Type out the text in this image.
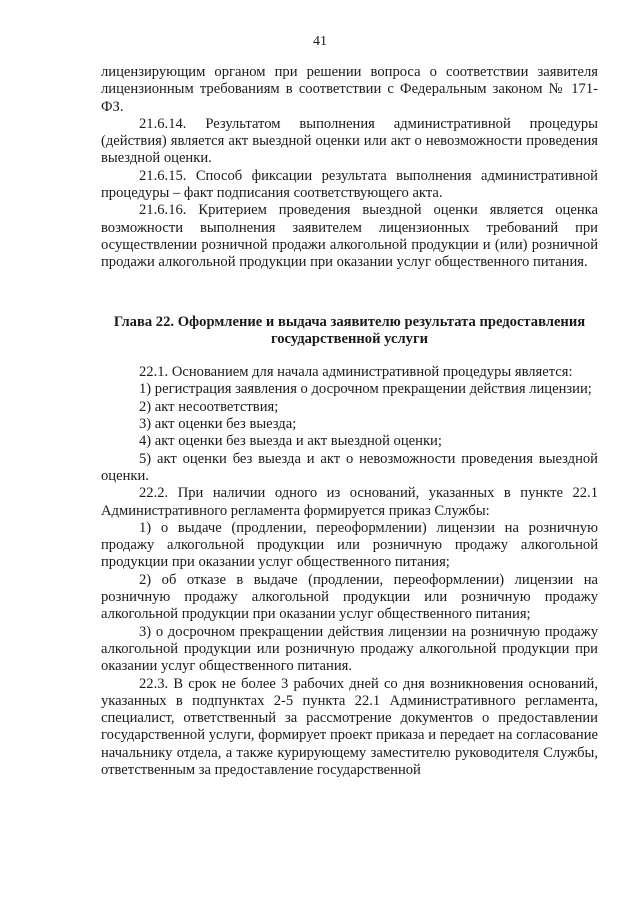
41

лицензирующим органом при решении вопроса о соответствии заявителя лицензионным требованиям в соответствии с Федеральным законом № 171-ФЗ.

21.6.14. Результатом выполнения административной процедуры (действия) является акт выездной оценки или акт о невозможности проведения выездной оценки.

21.6.15. Способ фиксации результата выполнения административной процедуры – факт подписания соответствующего акта.

21.6.16. Критерием проведения выездной оценки является оценка возможности выполнения заявителем лицензионных требований при осуществлении розничной продажи алкогольной продукции и (или) розничной продажи алкогольной продукции при оказании услуг общественного питания.

Глава 22. Оформление и выдача заявителю результата предоставления государственной услуги

22.1. Основанием для начала административной процедуры является:

1) регистрация заявления о досрочном прекращении действия лицензии;

2) акт несоответствия;

3) акт оценки без выезда;

4) акт оценки без выезда и акт выездной оценки;

5) акт оценки без выезда и акт о невозможности проведения выездной оценки.

22.2. При наличии одного из оснований, указанных в пункте 22.1 Административного регламента формируется приказ Службы:

1) о выдаче (продлении, переоформлении) лицензии на розничную продажу алкогольной продукции или розничную продажу алкогольной продукции при оказании услуг общественного питания;

2) об отказе в выдаче (продлении, переоформлении) лицензии на розничную продажу алкогольной продукции или розничную продажу алкогольной продукции при оказании услуг общественного питания;

3) о досрочном прекращении действия лицензии на розничную продажу алкогольной продукции или розничную продажу алкогольной продукции при оказании услуг общественного питания.

22.3. В срок не более 3 рабочих дней со дня возникновения оснований, указанных в подпунктах 2-5 пункта 22.1 Административного регламента, специалист, ответственный за рассмотрение документов о предоставлении государственной услуги, формирует проект приказа и передает на согласование начальнику отдела, а также курирующему заместителю руководителя Службы, ответственным за предоставление государственной
